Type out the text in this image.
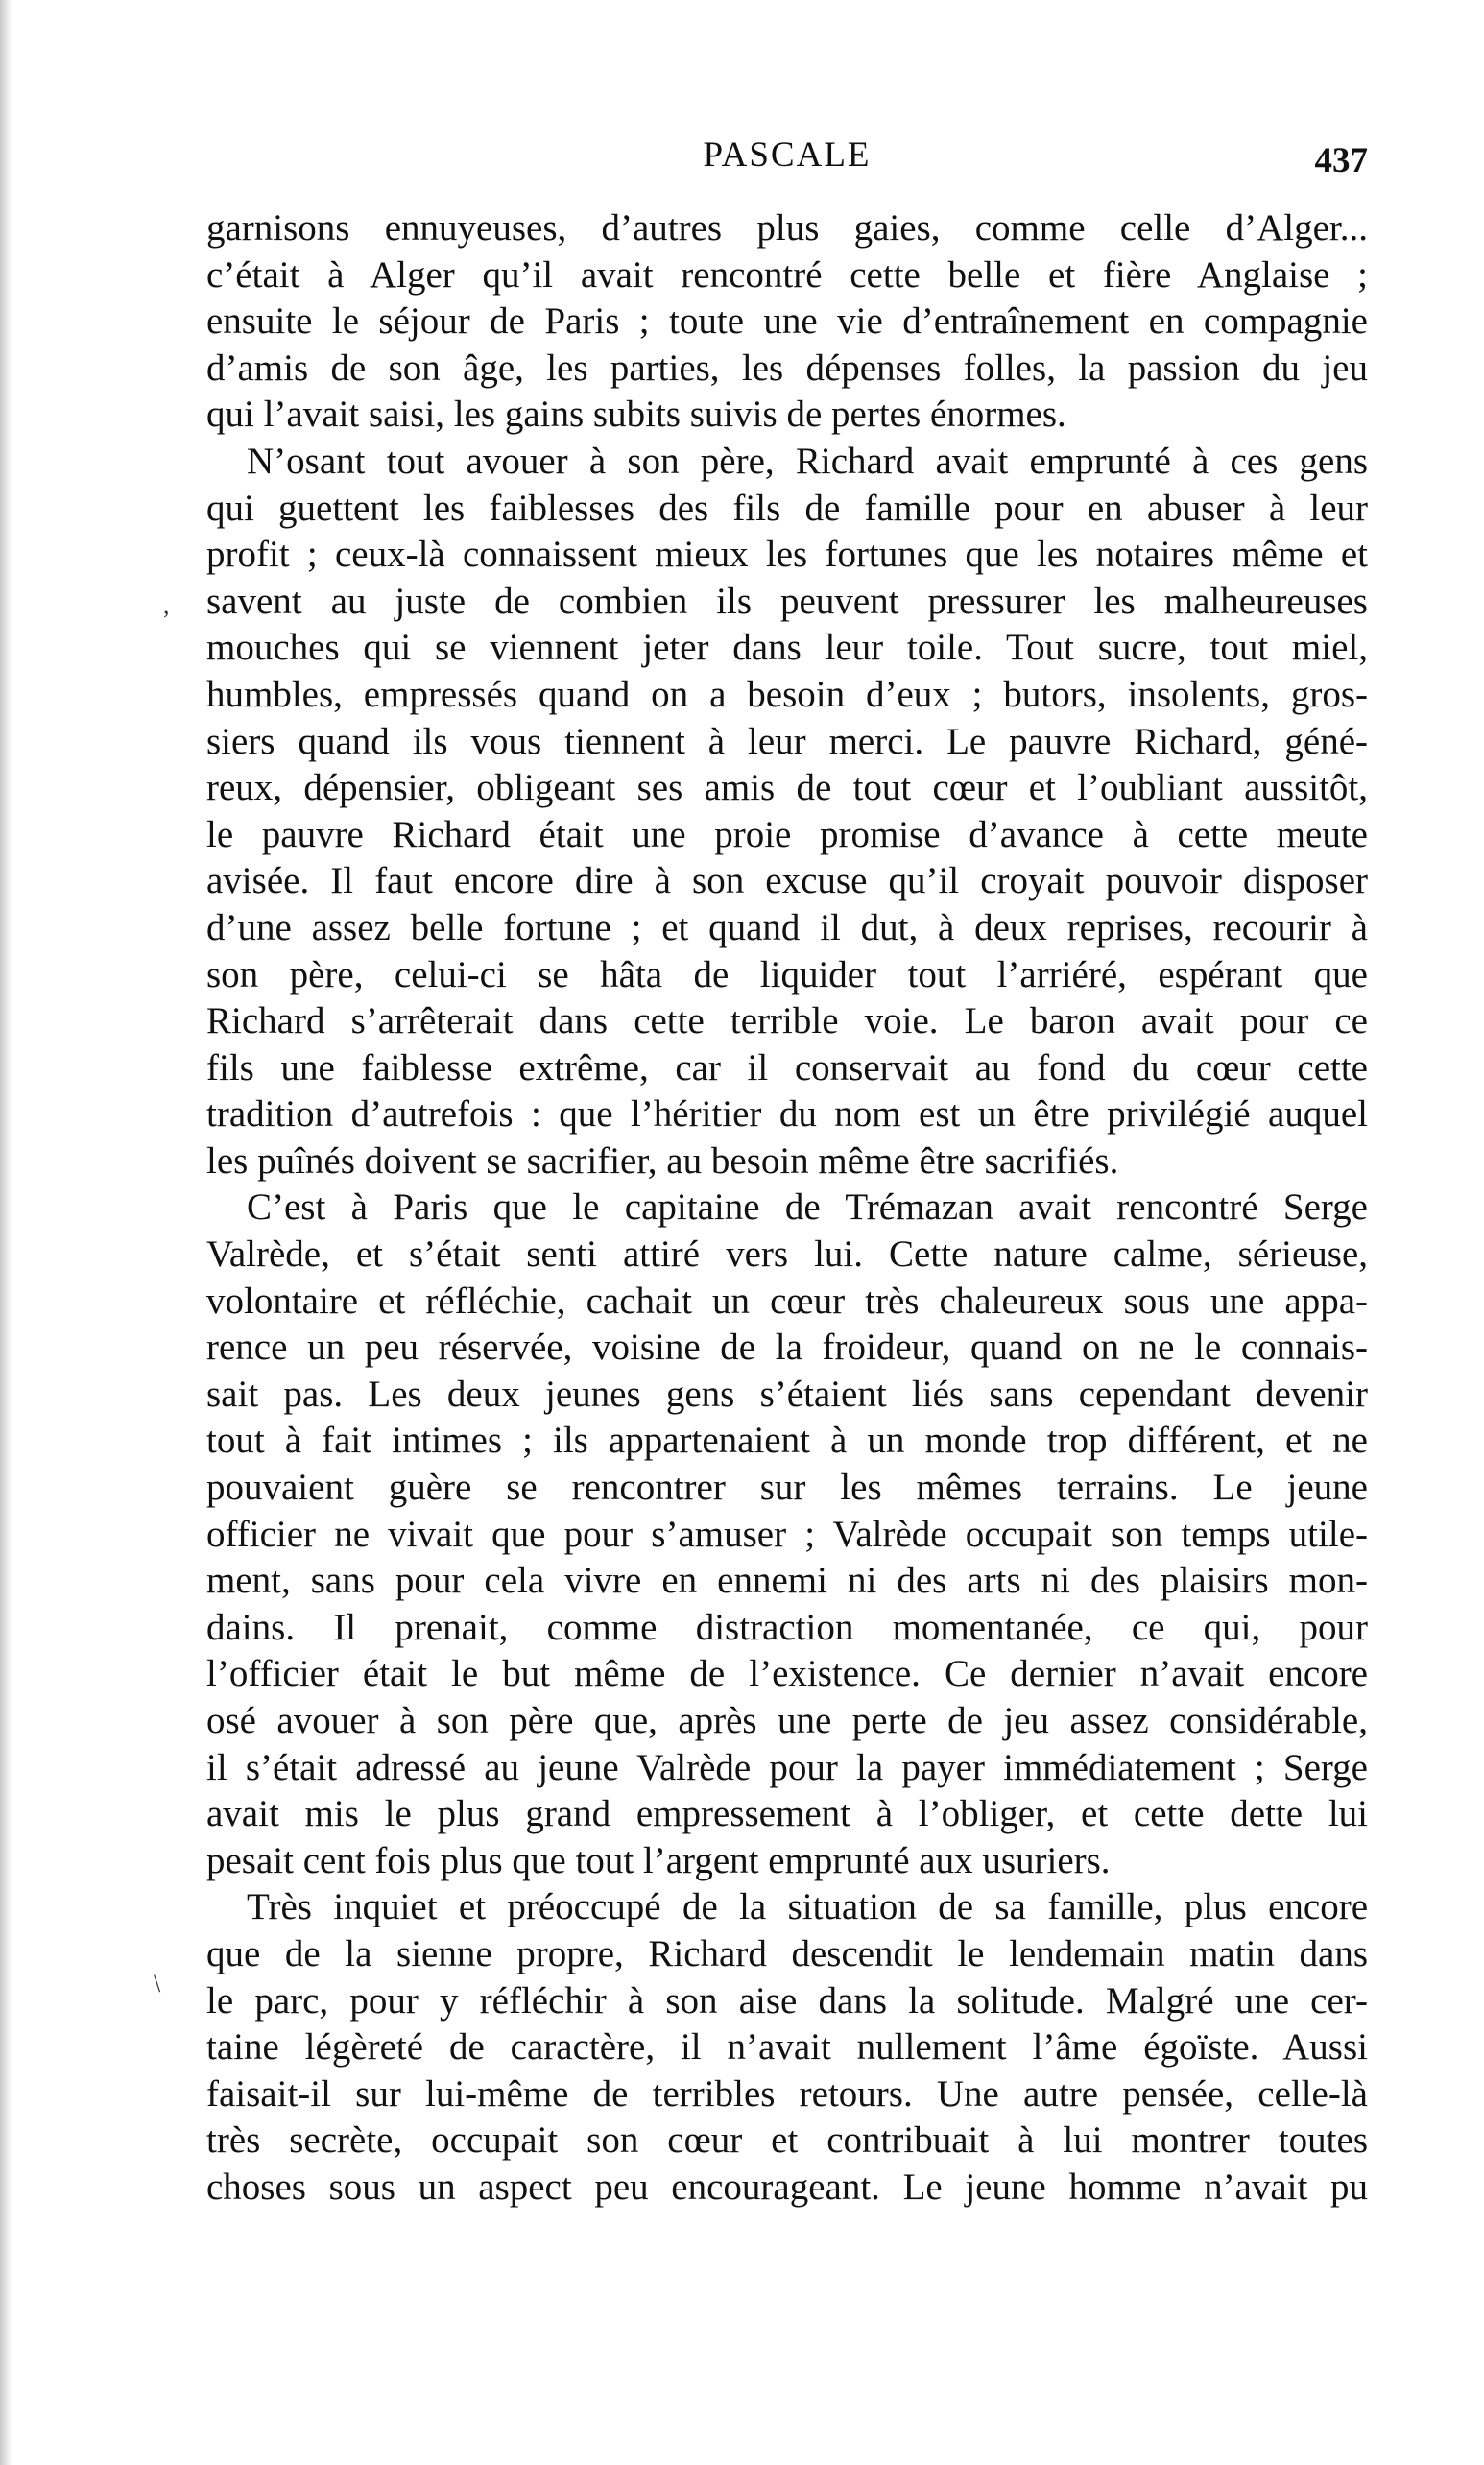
PASCALE	437
,
\
garnisons ennuyeuses, d’autres plus gaies, comme celle d’Alger...
c’était à Alger qu’il avait rencontré cette belle et fière Anglaise ;
ensuite le séjour de Paris ; toute une vie d’entraînement en compagnie
d’amis de son âge, les parties, les dépenses folles, la passion du jeu
qui l’avait saisi, les gains subits suivis de pertes énormes.
N’osant tout avouer à son père, Richard avait emprunté à ces gens
qui guettent les faiblesses des fils de famille pour en abuser à leur
profit ; ceux-là connaissent mieux les fortunes que les notaires même et
savent au juste de combien ils peuvent pressurer les malheureuses
mouches qui se viennent jeter dans leur toile. Tout sucre, tout miel,
humbles, empressés quand on a besoin d’eux ; butors, insolents, gros-
siers quand ils vous tiennent à leur merci. Le pauvre Richard, géné-
reux, dépensier, obligeant ses amis de tout cœur et l’oubliant aussitôt,
le pauvre Richard était une proie promise d’avance à cette meute
avisée. Il faut encore dire à son excuse qu’il croyait pouvoir disposer
d’une assez belle fortune ; et quand il dut, à deux reprises, recourir à
son père, celui-ci se hâta de liquider tout l’arriéré, espérant que
Richard s’arrêterait dans cette terrible voie. Le baron avait pour ce
fils une faiblesse extrême, car il conservait au fond du cœur cette
tradition d’autrefois : que l’héritier du nom est un être privilégié auquel
les puînés doivent se sacrifier, au besoin même être sacrifiés.
C’est à Paris que le capitaine de Trémazan avait rencontré Serge
Valrède, et s’était senti attiré vers lui. Cette nature calme, sérieuse,
volontaire et réfléchie, cachait un cœur très chaleureux sous une appa-
rence un peu réservée, voisine de la froideur, quand on ne le connais-
sait pas. Les deux jeunes gens s’étaient liés sans cependant devenir
tout à fait intimes ; ils appartenaient à un monde trop différent, et ne
pouvaient guère se rencontrer sur les mêmes terrains. Le jeune
officier ne vivait que pour s’amuser ; Valrède occupait son temps utile-
ment, sans pour cela vivre en ennemi ni des arts ni des plaisirs mon-
dains. Il prenait, comme distraction momentanée, ce qui, pour
l’officier était le but même de l’existence. Ce dernier n’avait encore
osé avouer à son père que, après une perte de jeu assez considérable,
il s’était adressé au jeune Valrède pour la payer immédiatement ; Serge
avait mis le plus grand empressement à l’obliger, et cette dette lui
pesait cent fois plus que tout l’argent emprunté aux usuriers.
Très inquiet et préoccupé de la situation de sa famille, plus encore
que de la sienne propre, Richard descendit le lendemain matin dans
le parc, pour y réfléchir à son aise dans la solitude. Malgré une cer-
taine légèreté de caractère, il n’avait nullement l’âme égoïste. Aussi
faisait-il sur lui-même de terribles retours. Une autre pensée, celle-là
très secrète, occupait son cœur et contribuait à lui montrer toutes
choses sous un aspect peu encourageant. Le jeune homme n’avait pu
